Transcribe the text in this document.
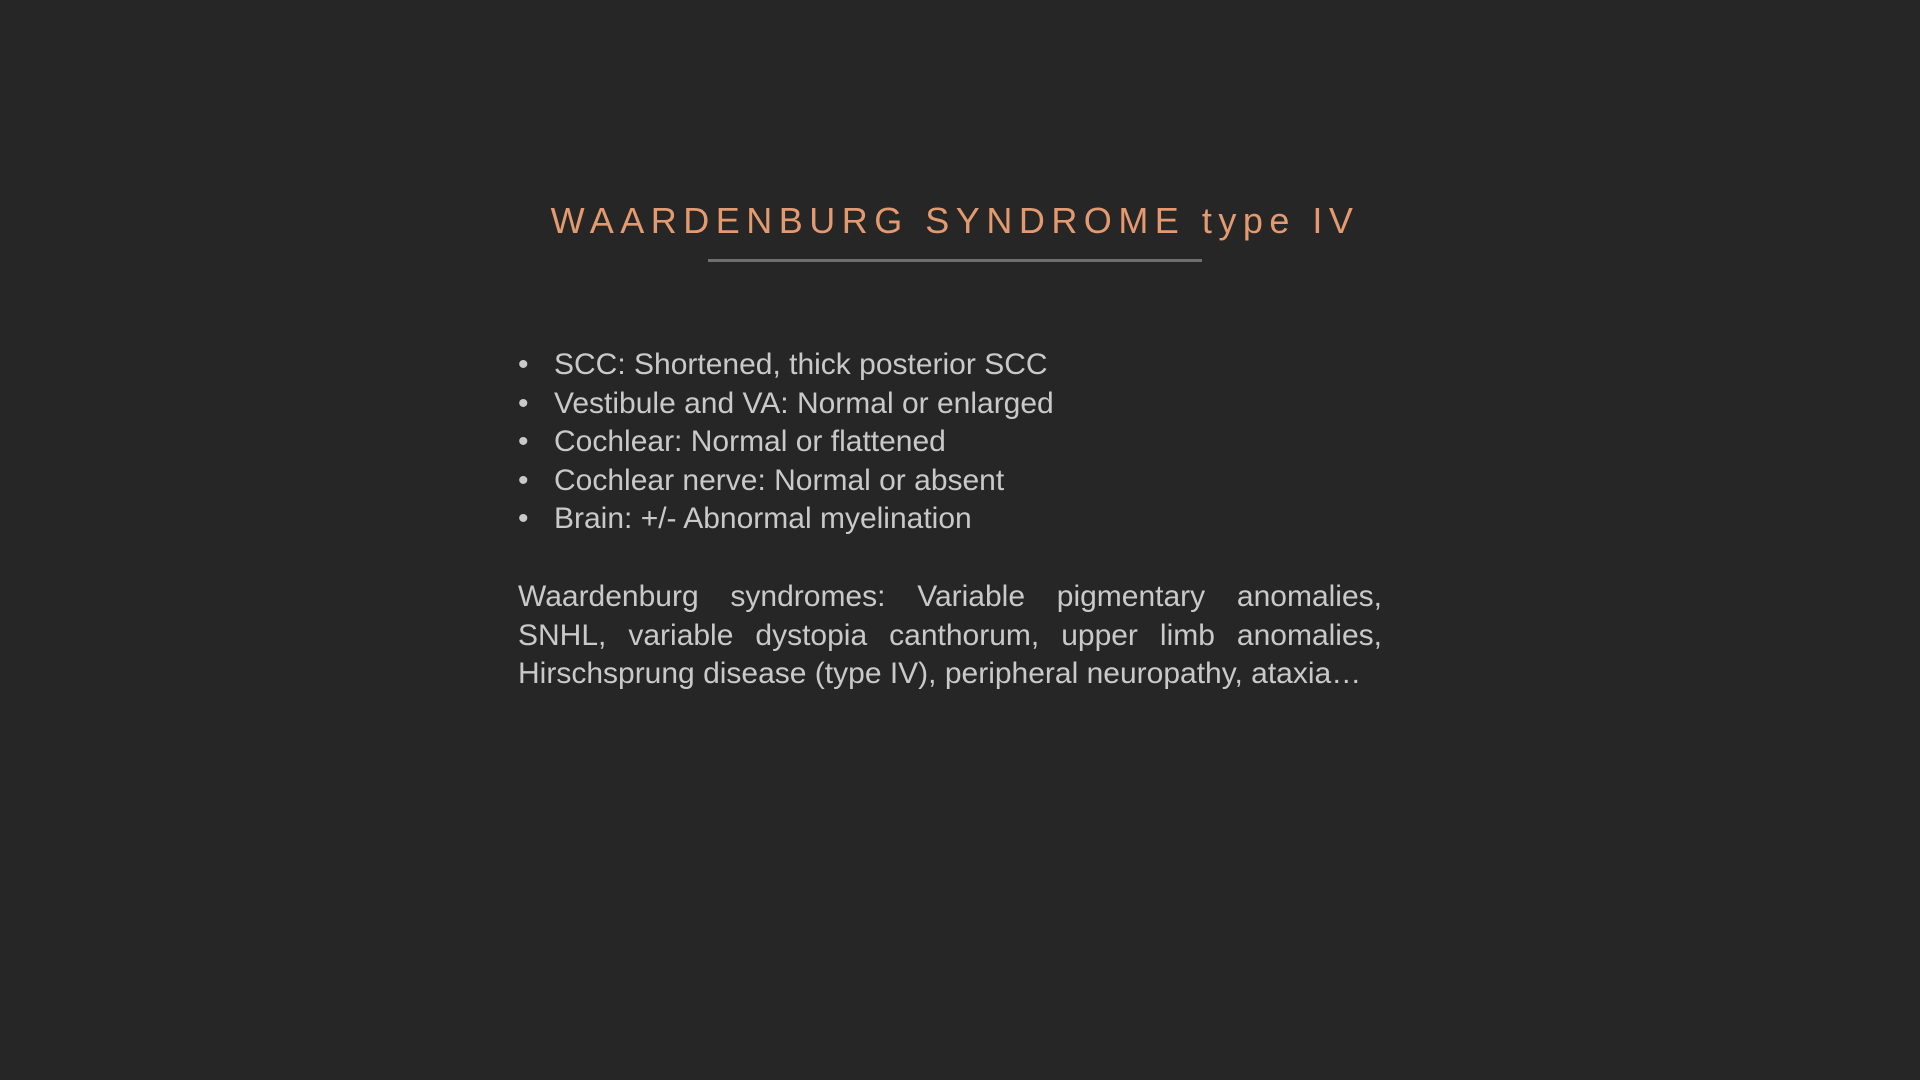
WAARDENBURG SYNDROME type IV
• SCC: Shortened, thick posterior SCC
• Vestibule and VA: Normal or enlarged
• Cochlear: Normal or flattened
• Cochlear nerve: Normal or absent
• Brain: +/- Abnormal myelination

Waardenburg syndromes: Variable pigmentary anomalies, SNHL, variable dystopia canthorum, upper limb anomalies, Hirschsprung disease (type IV), peripheral neuropathy, ataxia…
